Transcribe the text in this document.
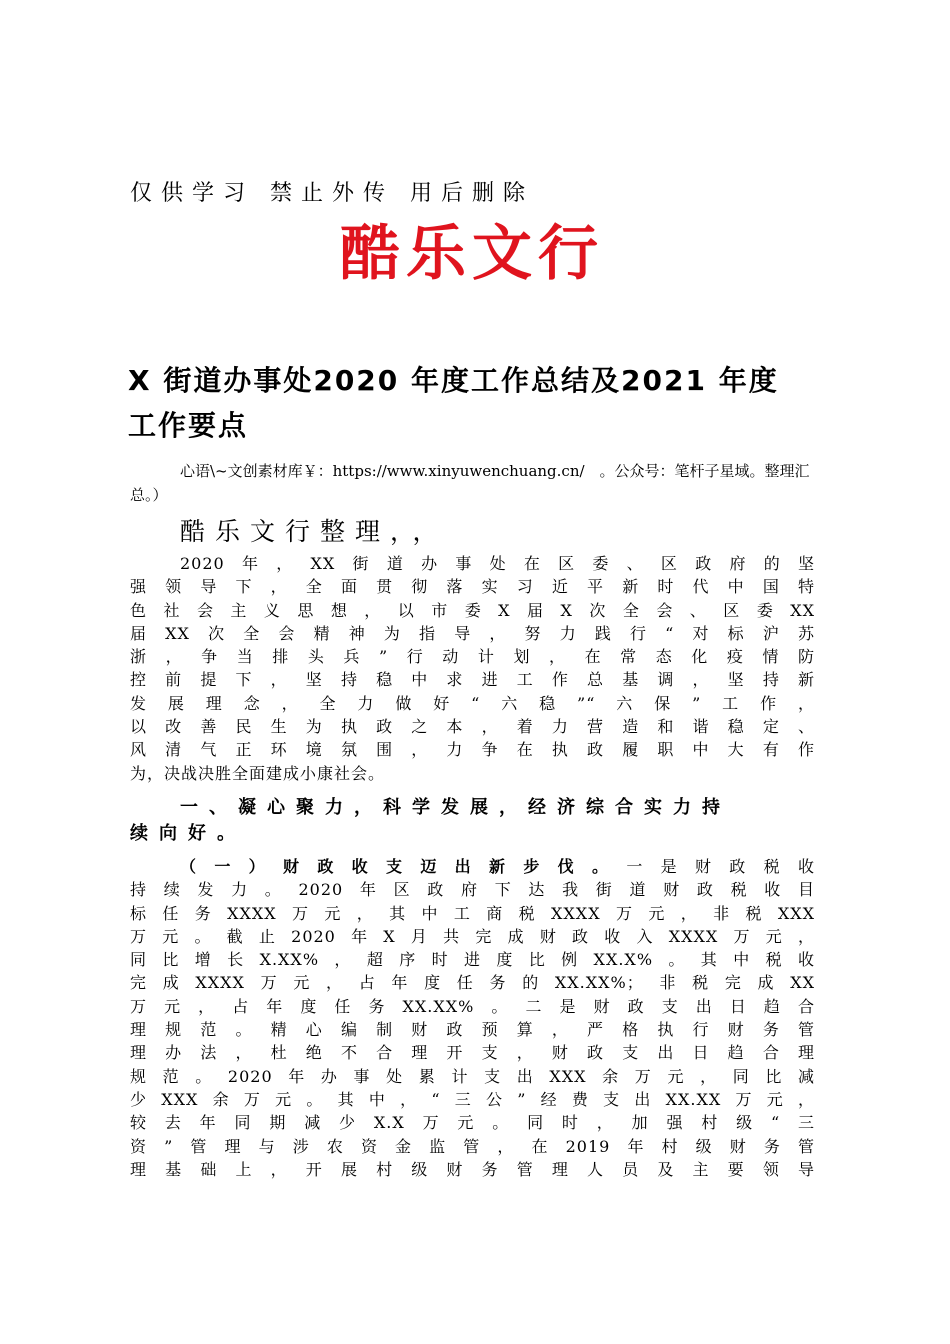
仅供学习 禁止外传 用后删除
酷乐文行
X 街道办事处2020 年度工作总结及2021 年度
工作要点
心语\~文创素材库￥：https://www.xinyuwenchuang.cn/　。公众号：笔杆子星域。整理汇总。）
酷乐文行整理，，
2020年，XX街道办事处在区委、区政府的坚
强领导下，全面贯彻落实习近平新时代中国特
色社会主义思想，以市委X届X次全会、区委XX
届XX次全会精神为指导，努力践行“对标沪苏
浙，争当排头兵”行动计划，在常态化疫情防
控前提下，坚持稳中求进工作总基调，坚持新
发展理念，全力做好“六稳”“六保”工作，
以改善民生为执政之本，着力营造和谐稳定、
风清气正环境氛围，力争在执政履职中大有作
为，决战决胜全面建成小康社会。
一、凝心聚力，科学发展，经济综合实力持
续向好。
（一）财政收支迈出新步伐。一是财政税收
持续发力。2020年区政府下达我街道财政税收目
标任务XXXX万元，其中工商税XXXX万元，非税XXX
万元。截止2020年X月共完成财政收入XXXX万元，
同比增长X.XX%，超序时进度比例XX.X%。其中税收
完成XXXX万元，占年度任务的XX.XX%；非税完成XX
万元，占年度任务XX.XX%。二是财政支出日趋合
理规范。精心编制财政预算，严格执行财务管
理办法，杜绝不合理开支，财政支出日趋合理
规范。2020年办事处累计支出XXX余万元，同比减
少XXX余万元。其中，“三公”经费支出XX.XX万元，
较去年同期减少X.X万元。同时，加强村级“三
资”管理与涉农资金监管，在2019年村级财务管
理基础上，开展村级财务管理人员及主要领导
